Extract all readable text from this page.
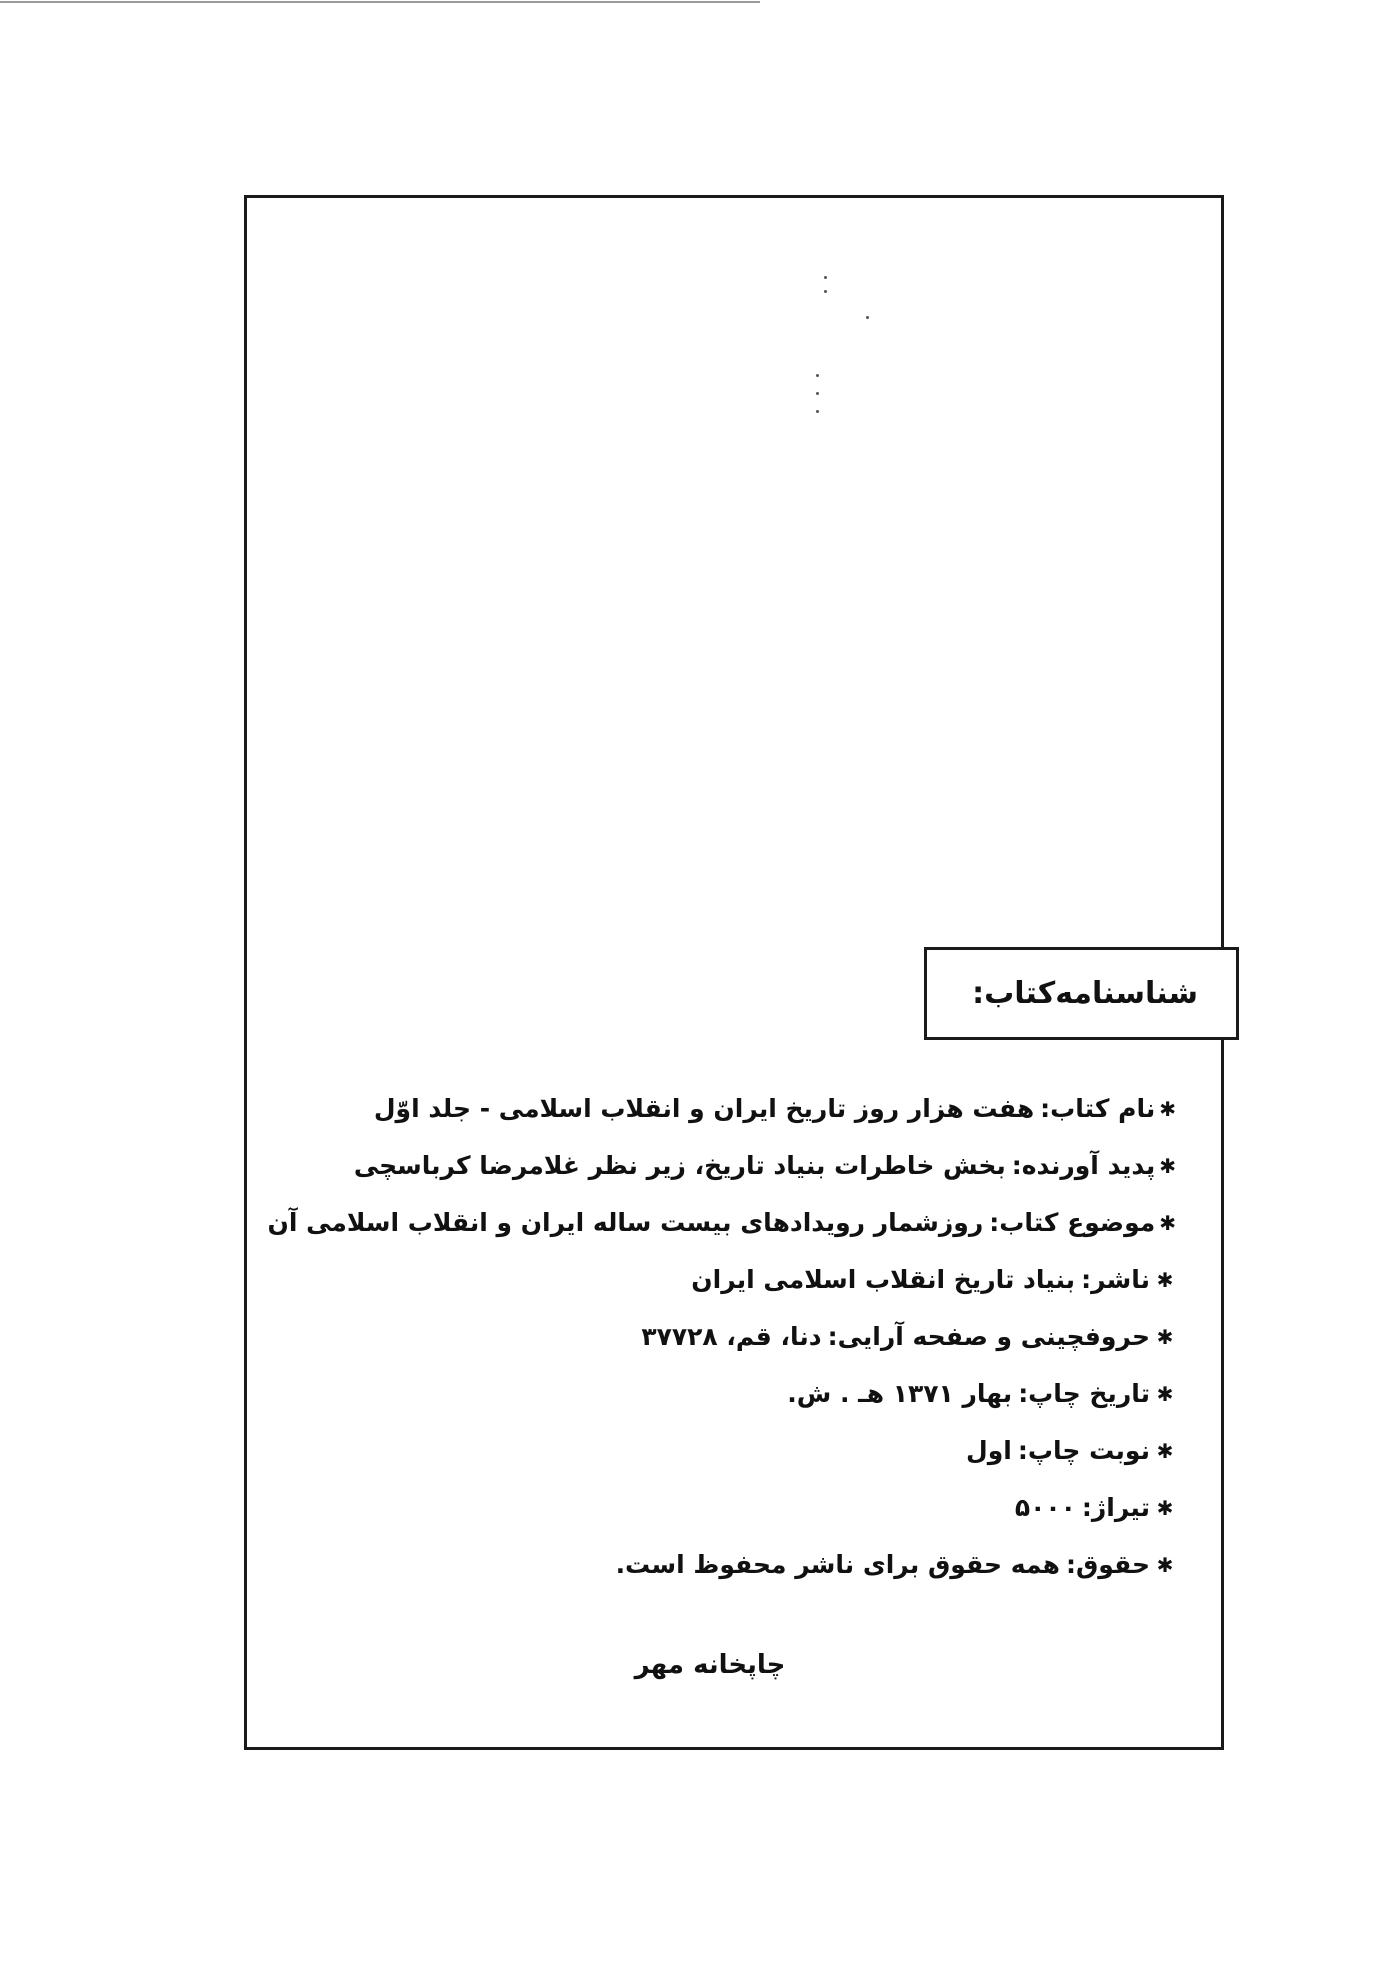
شناسنامه‌کتاب:
✱
نام کتاب:
هفت هزار روز تاریخ ایران و انقلاب اسلامی - جلد اوّل
✱
پدید آورنده:
بخش خاطرات بنیاد تاریخ، زیر نظر غلامرضا کرباسچی
✱
موضوع کتاب:
روزشمار رویدادهای بیست ساله ایران و انقلاب اسلامی آن
✱
ناشر:
بنیاد تاریخ انقلاب اسلامی ایران
✱
حروفچینی و صفحه آرایی:
دنا، قم، ۳۷۷۲۸
✱
تاریخ چاپ:
بهار ۱۳۷۱ هـ . ش.
✱
نوبت چاپ:
اول
✱
تیراژ:
۵۰۰۰
✱
حقوق:
همه حقوق برای ناشر محفوظ است.
چاپخانه مهر
